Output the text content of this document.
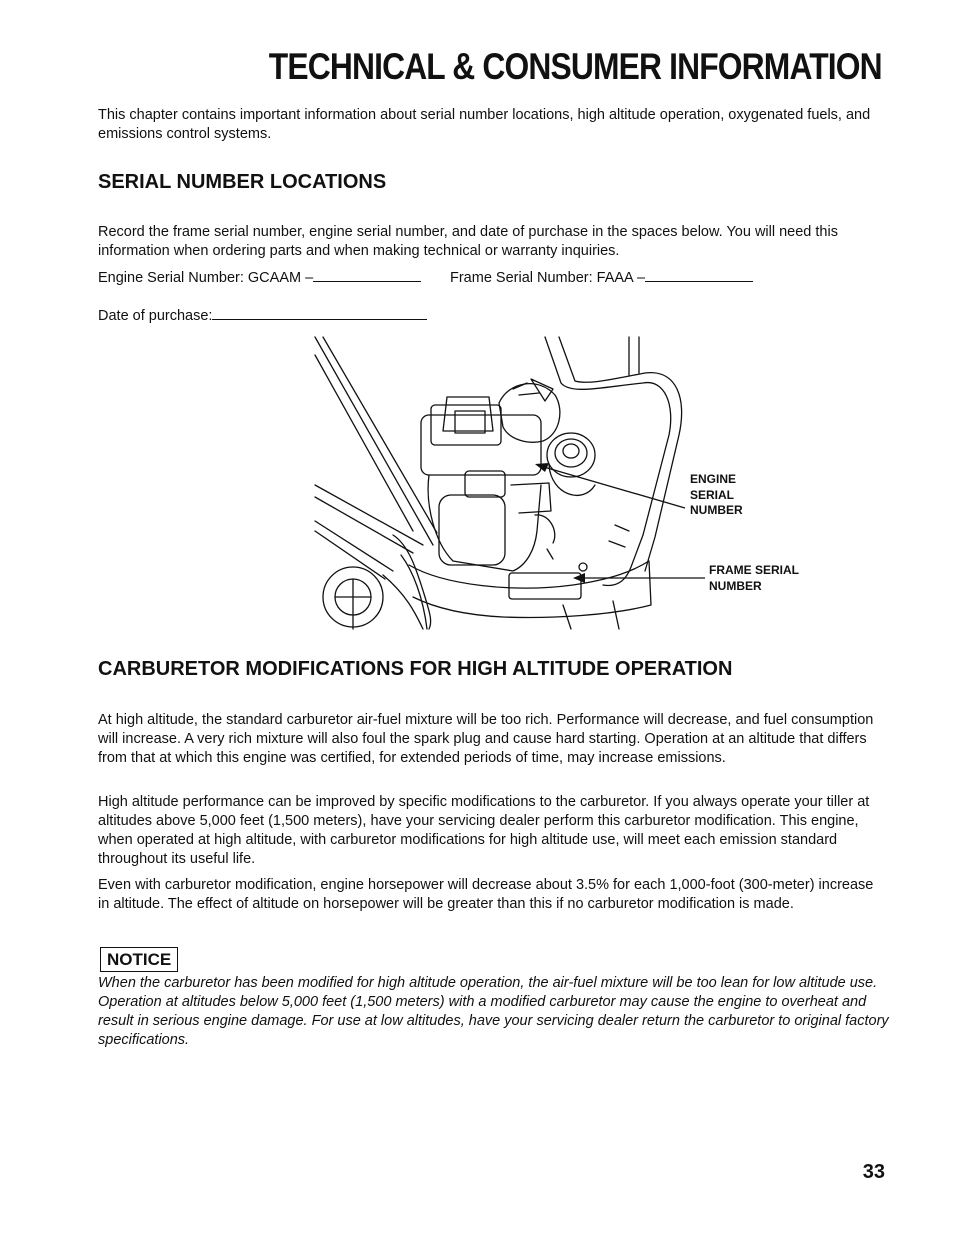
TECHNICAL & CONSUMER INFORMATION

This chapter contains important information about serial number locations, high altitude operation, oxygenated fuels, and emissions control systems.

SERIAL NUMBER LOCATIONS

Record the frame serial number, engine serial number, and date of purchase in the spaces below. You will need this information when ordering parts and when making technical or warranty inquiries.

Engine Serial Number: GCAAM –	Frame Serial Number: FAAA –
Date of purchase:
ENGINE
SERIAL
NUMBER
FRAME SERIAL
NUMBER
CARBURETOR MODIFICATIONS FOR HIGH ALTITUDE OPERATION

At high altitude, the standard carburetor air-fuel mixture will be too rich. Performance will decrease, and fuel consumption will increase. A very rich mixture will also foul the spark plug and cause hard starting. Operation at an altitude that differs from that at which this engine was certified, for extended periods of time, may increase emissions.

High altitude performance can be improved by specific modifications to the carburetor. If you always operate your tiller at altitudes above 5,000 feet (1,500 meters), have your servicing dealer perform this carburetor modification. This engine, when operated at high altitude, with carburetor modifications for high altitude use, will meet each emission standard throughout its useful life.

Even with carburetor modification, engine horsepower will decrease about 3.5% for each 1,000-foot (300-meter) increase in altitude. The effect of altitude on horsepower will be greater than this if no carburetor modification is made.

NOTICE

When the carburetor has been modified for high altitude operation, the air-fuel mixture will be too lean for low altitude use. Operation at altitudes below 5,000 feet (1,500 meters) with a modified carburetor may cause the engine to overheat and result in serious engine damage. For use at low altitudes, have your servicing dealer return the carburetor to original factory specifications.

33
